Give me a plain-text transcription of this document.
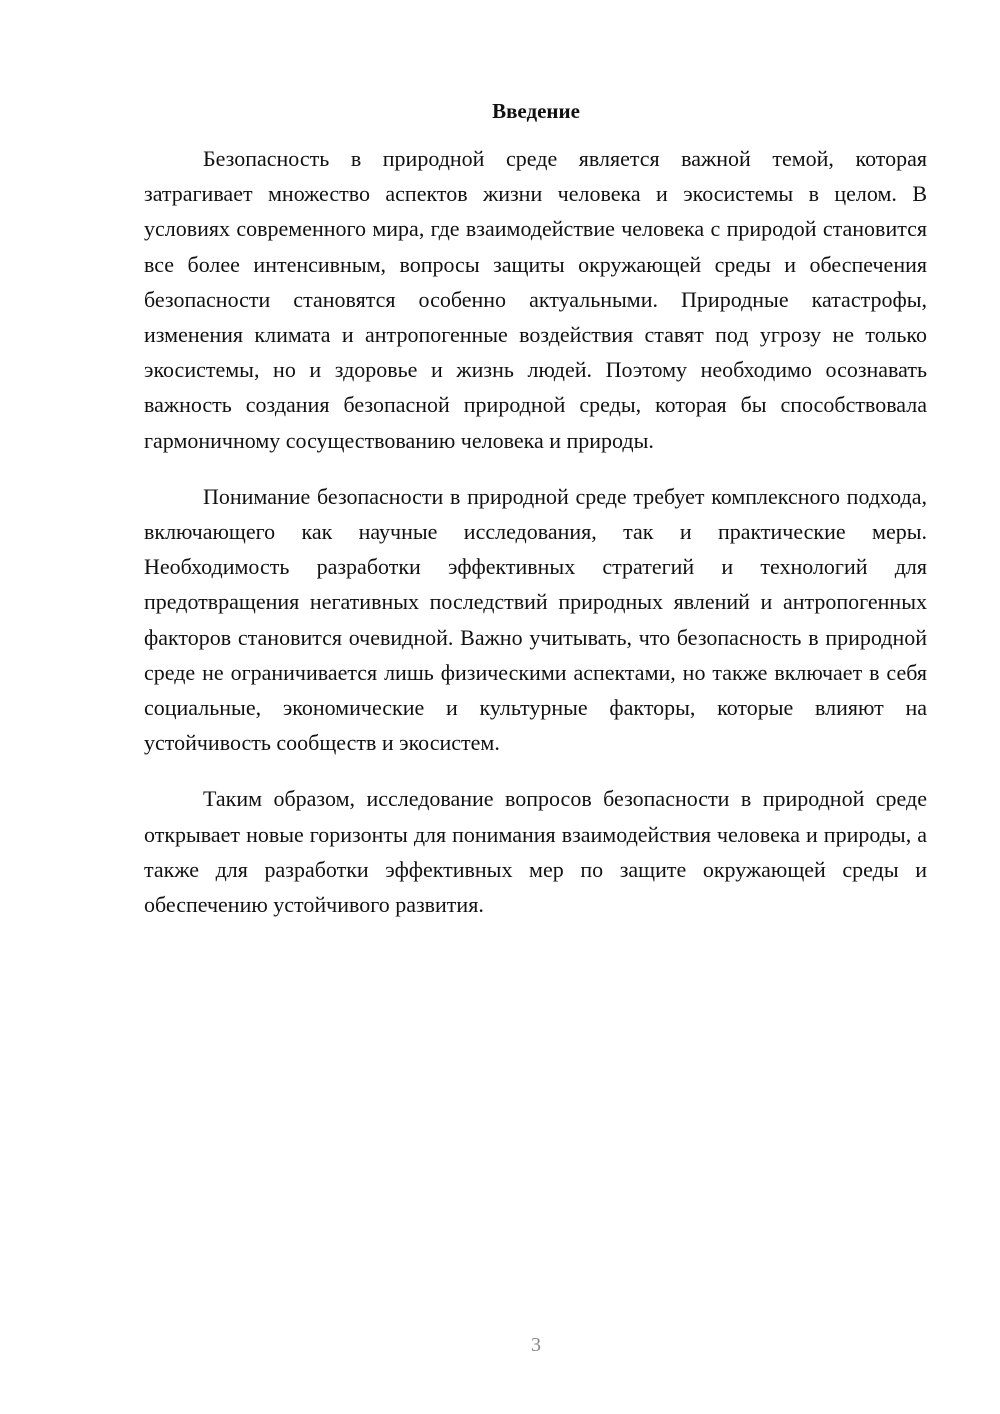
Введение

Безопасность в природной среде является важной темой, которая затрагивает множество аспектов жизни человека и экосистемы в целом. В условиях современного мира, где взаимодействие человека с природой становится все более интенсивным, вопросы защиты окружающей среды и обеспечения безопасности становятся особенно актуальными. Природные катастрофы, изменения климата и антропогенные воздействия ставят под угрозу не только экосистемы, но и здоровье и жизнь людей. Поэтому необходимо осознавать важность создания безопасной природной среды, которая бы способствовала гармоничному сосуществованию человека и природы.

Понимание безопасности в природной среде требует комплексного подхода, включающего как научные исследования, так и практические меры. Необходимость разработки эффективных стратегий и технологий для предотвращения негативных последствий природных явлений и антропогенных факторов становится очевидной. Важно учитывать, что безопасность в природной среде не ограничивается лишь физическими аспектами, но также включает в себя социальные, экономические и культурные факторы, которые влияют на устойчивость сообществ и экосистем.

Таким образом, исследование вопросов безопасности в природной среде открывает новые горизонты для понимания взаимодействия человека и природы, а также для разработки эффективных мер по защите окружающей среды и обеспечению устойчивого развития.

3
